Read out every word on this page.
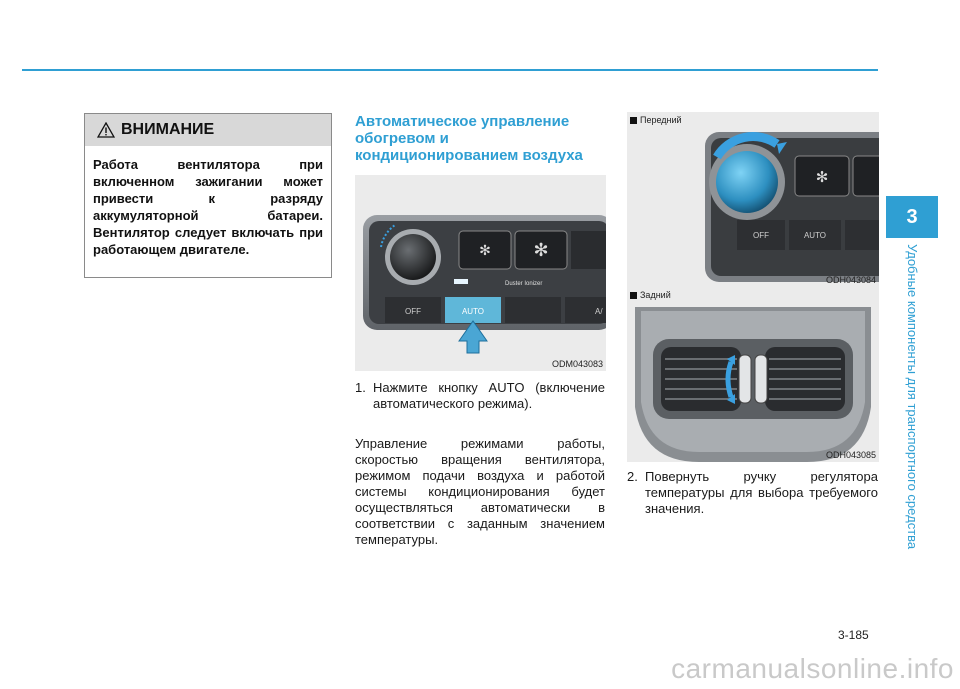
3
Удобные компоненты для транспортного средства
ВНИМАНИЕ
Работа вентилятора при включенном зажигании может привести к разряду аккумуляторной батареи. Вентилятор следует включать при работающем двигателе.
Автоматическое управление обогревом и кондиционированием воздуха
✻ ✻
OFF	AUTO	A/
Duster Ionizer
ODM043083
1. Нажмите кнопку AUTO (включение автоматического режима).
Управление режимами работы, скоростью вращения вентилятора, режимом подачи воздуха и работой системы кондиционирования будет осуществляться автоматически в соответствии с заданным значением температуры.
✻
OFF	AUTO
Передний
ODH043084
Задний
ODH043085
2. Повернуть ручку регулятора температуры для выбора требуемого значения.
3-185
carmanualsonline.info
